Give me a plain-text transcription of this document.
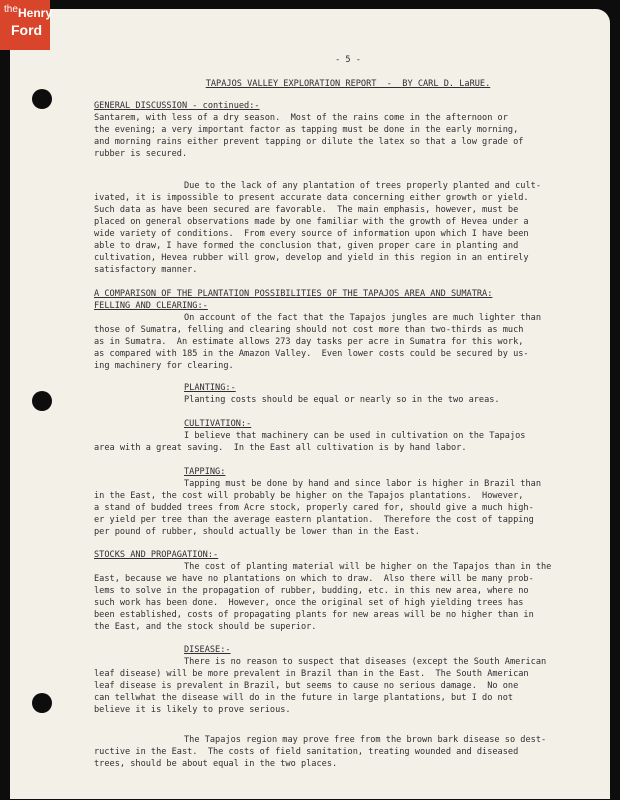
- 5 -

TAPAJOS VALLEY EXPLORATION REPORT  -  BY CARL D. LaRUE.

GENERAL DISCUSSION - continued:-

Santarem, with less of a dry season.  Most of the rains come in the afternoon or

the evening; a very important factor as tapping must be done in the early morning,

and morning rains either prevent tapping or dilute the latex so that a low grade of

rubber is secured.

Due to the lack of any plantation of trees properly planted and cult-

ivated, it is impossible to present accurate data concerning either growth or yield.

Such data as have been secured are favorable.  The main emphasis, however, must be

placed on general observations made by one familiar with the growth of Hevea under a

wide variety of conditions.  From every source of information upon which I have been

able to draw, I have formed the conclusion that, given proper care in planting and

cultivation, Hevea rubber will grow, develop and yield in this region in an entirely

satisfactory manner.

A COMPARISON OF THE PLANTATION POSSIBILITIES OF THE TAPAJOS AREA AND SUMATRA:

FELLING AND CLEARING:-

On account of the fact that the Tapajos jungles are much lighter than

those of Sumatra, felling and clearing should not cost more than two-thirds as much

as in Sumatra.  An estimate allows 273 day tasks per acre in Sumatra for this work,

as compared with 185 in the Amazon Valley.  Even lower costs could be secured by us-

ing machinery for clearing.

PLANTING:-

Planting costs should be equal or nearly so in the two areas.

CULTIVATION:-

I believe that machinery can be used in cultivation on the Tapajos

area with a great saving.  In the East all cultivation is by hand labor.

TAPPING:

Tapping must be done by hand and since labor is higher in Brazil than

in the East, the cost will probably be higher on the Tapajos plantations.  However,

a stand of budded trees from Acre stock, properly cared for, should give a much high-

er yield per tree than the average eastern plantation.  Therefore the cost of tapping

per pound of rubber, should actually be lower than in the East.

STOCKS AND PROPAGATION:-

The cost of planting material will be higher on the Tapajos than in the

East, because we have no plantations on which to draw.  Also there will be many prob-

lems to solve in the propagation of rubber, budding, etc. in this new area, where no

such work has been done.  However, once the original set of high yielding trees has

been established, costs of propagating plants for new areas will be no higher than in

the East, and the stock should be superior.

DISEASE:-

There is no reason to suspect that diseases (except the South American

leaf disease) will be more prevalent in Brazil than in the East.  The South American

leaf disease is prevalent in Brazil, but seems to cause no serious damage.  No one

can tellwhat the disease will do in the future in large plantations, but I do not

believe it is likely to prove serious.

The Tapajos region may prove free from the brown bark disease so dest-

ructive in the East.  The costs of field sanitation, treating wounded and diseased

trees, should be about equal in the two places.

the Henry
Ford
